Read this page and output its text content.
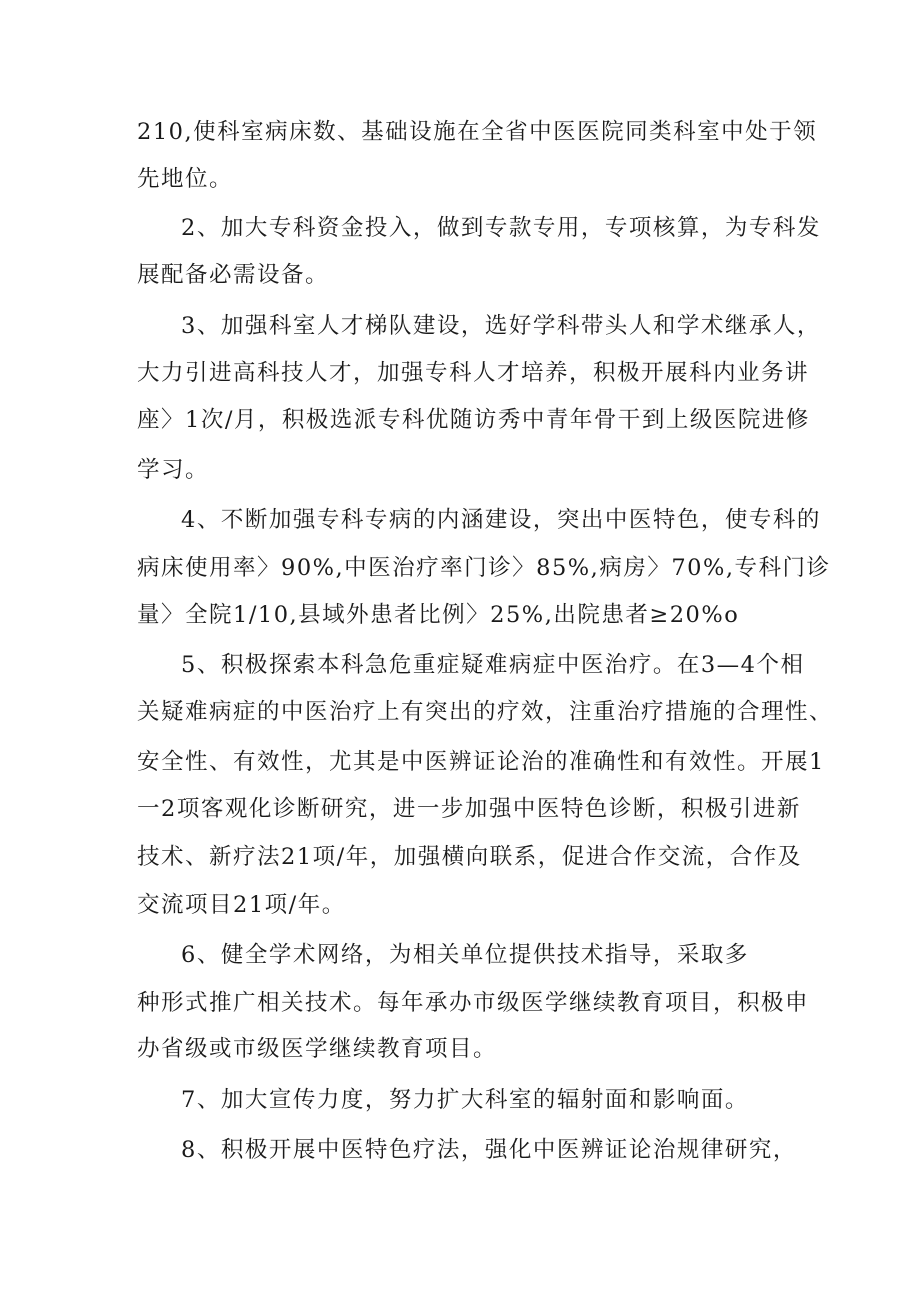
210,使科室病床数、基础设施在全省中医医院同类科室中处于领
先地位。
2、加大专科资金投入，做到专款专用，专项核算，为专科发
展配备必需设备。
3、加强科室人才梯队建设，选好学科带头人和学术继承人，
大力引进高科技人才，加强专科人才培养，积极开展科内业务讲
座〉1次/月，积极选派专科优随访秀中青年骨干到上级医院进修
学习。
4、不断加强专科专病的内涵建设，突出中医特色，使专科的
病床使用率〉90%,中医治疗率门诊〉85%,病房〉70%,专科门诊
量〉全院1/10,县域外患者比例〉25%,出院患者≥20%o
5、积极探索本科急危重症疑难病症中医治疗。在3—4个相
关疑难病症的中医治疗上有突出的疗效，注重治疗措施的合理性、
安全性、有效性，尤其是中医辨证论治的准确性和有效性。开展1
一2项客观化诊断研究，进一步加强中医特色诊断，积极引进新
技术、新疗法21项/年，加强横向联系，促进合作交流，合作及
交流项目21项/年。
6、健全学术网络，为相关单位提供技术指导，采取多
种形式推广相关技术。每年承办市级医学继续教育项目，积极申
办省级或市级医学继续教育项目。
7、加大宣传力度，努力扩大科室的辐射面和影响面。
8、积极开展中医特色疗法，强化中医辨证论治规律研究，
